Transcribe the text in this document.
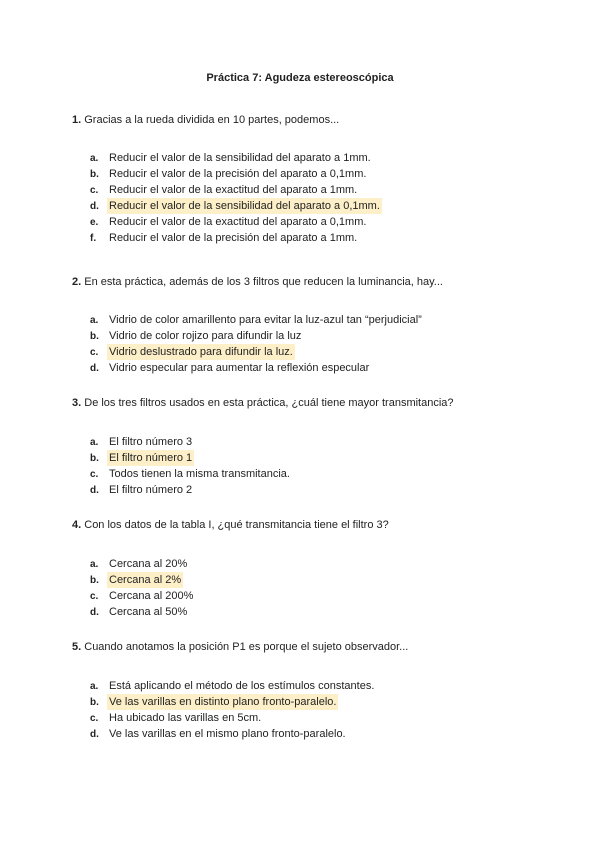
Práctica 7: Agudeza estereoscópica
1. Gracias a la rueda dividida en 10 partes, podemos...
a. Reducir el valor de la sensibilidad del aparato a 1mm.
b. Reducir el valor de la precisión del aparato a 0,1mm.
c. Reducir el valor de la exactitud del aparato a 1mm.
d. Reducir el valor de la sensibilidad del aparato a 0,1mm.
e. Reducir el valor de la exactitud del aparato a 0,1mm.
f. Reducir el valor de la precisión del aparato a 1mm.
2. En esta práctica, además de los 3 filtros que reducen la luminancia, hay...
a. Vidrio de color amarillento para evitar la luz-azul tan “perjudicial”
b. Vidrio de color rojizo para difundir la luz
c. Vidrio deslustrado para difundir la luz.
d. Vidrio especular para aumentar la reflexión especular
3. De los tres filtros usados en esta práctica, ¿cuál tiene mayor transmitancia?
a. El filtro número 3
b. El filtro número 1
c. Todos tienen la misma transmitancia.
d. El filtro número 2
4. Con los datos de la tabla I, ¿qué transmitancia tiene el filtro 3?
a. Cercana al 20%
b. Cercana al 2%
c. Cercana al 200%
d. Cercana al 50%
5. Cuando anotamos la posición P1 es porque el sujeto observador...
a. Está aplicando el método de los estímulos constantes.
b. Ve las varillas en distinto plano fronto-paralelo.
c. Ha ubicado las varillas en 5cm.
d. Ve las varillas en el mismo plano fronto-paralelo.
